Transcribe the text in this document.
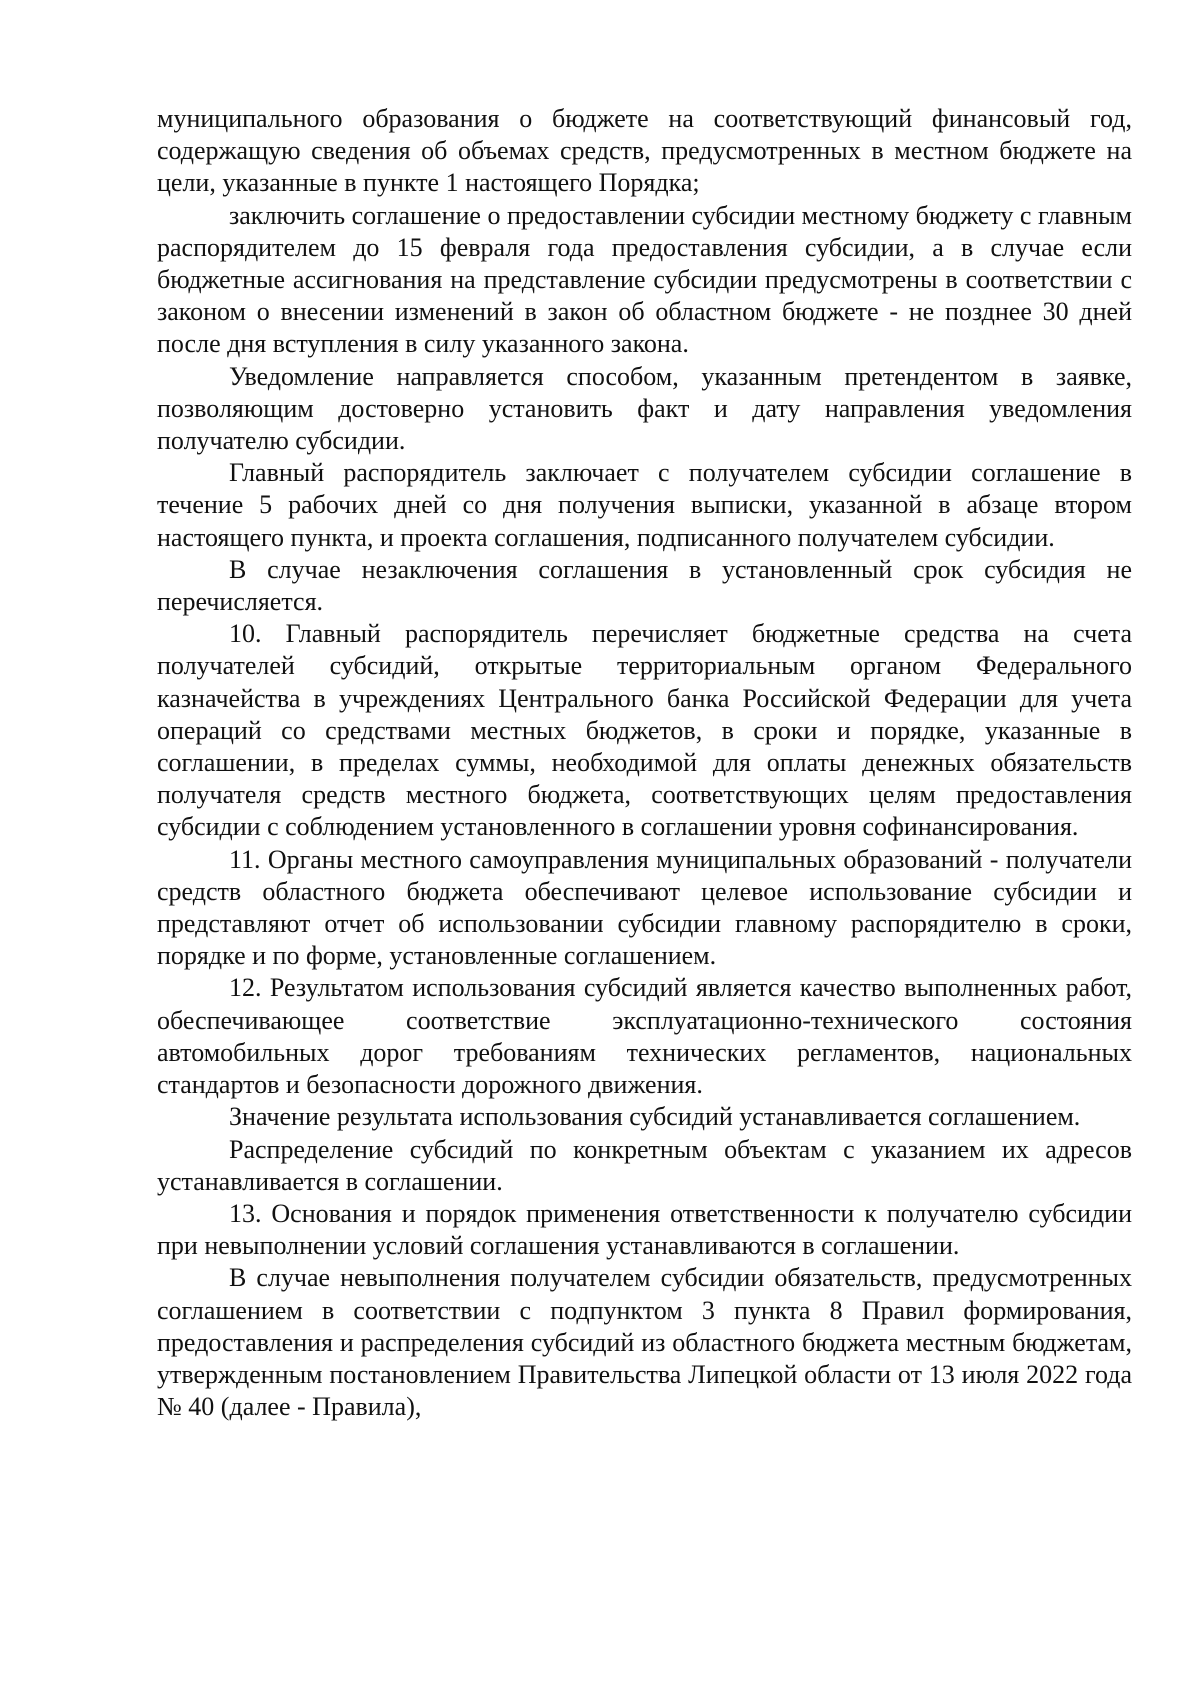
муниципального образования о бюджете на соответствующий финансовый год, содержащую сведения об объемах средств, предусмотренных в местном бюджете на цели, указанные в пункте 1 настоящего Порядка;

заключить соглашение о предоставлении субсидии местному бюджету с главным распорядителем до 15 февраля года предоставления субсидии, а в случае если бюджетные ассигнования на представление субсидии предусмотрены в соответствии с законом о внесении изменений в закон об областном бюджете - не позднее 30 дней после дня вступления в силу указанного закона.

Уведомление направляется способом, указанным претендентом в заявке, позволяющим достоверно установить факт и дату направления уведомления получателю субсидии.

Главный распорядитель заключает с получателем субсидии соглашение в течение 5 рабочих дней со дня получения выписки, указанной в абзаце втором настоящего пункта, и проекта соглашения, подписанного получателем субсидии.

В случае незаключения соглашения в установленный срок субсидия не перечисляется.

10. Главный распорядитель перечисляет бюджетные средства на счета получателей субсидий, открытые территориальным органом Федерального казначейства в учреждениях Центрального банка Российской Федерации для учета операций со средствами местных бюджетов, в сроки и порядке, указанные в соглашении, в пределах суммы, необходимой для оплаты денежных обязательств получателя средств местного бюджета, соответствующих целям предоставления субсидии с соблюдением установленного в соглашении уровня софинансирования.

11. Органы местного самоуправления муниципальных образований - получатели средств областного бюджета обеспечивают целевое использование субсидии и представляют отчет об использовании субсидии главному распорядителю в сроки, порядке и по форме, установленные соглашением.

12. Результатом использования субсидий является качество выполненных работ, обеспечивающее соответствие эксплуатационно-технического состояния автомобильных дорог требованиям технических регламентов, национальных стандартов и безопасности дорожного движения.

Значение результата использования субсидий устанавливается соглашением.

Распределение субсидий по конкретным объектам с указанием их адресов устанавливается в соглашении.

13. Основания и порядок применения ответственности к получателю субсидии при невыполнении условий соглашения устанавливаются в соглашении.

В случае невыполнения получателем субсидии обязательств, предусмотренных соглашением в соответствии с подпунктом 3 пункта 8 Правил формирования, предоставления и распределения субсидий из областного бюджета местным бюджетам, утвержденным постановлением Правительства Липецкой области от 13 июля 2022 года № 40 (далее - Правила),
